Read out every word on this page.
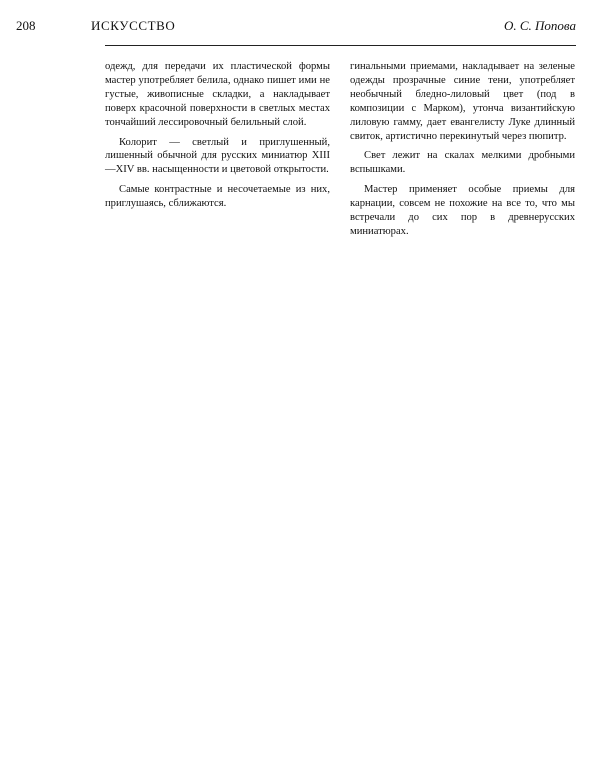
208	ИСКУССТВО	О. С. Попова

одежд, для передачи их пластической формы мастер употребляет белила, однако пишет ими не густые, живописные складки, а накладывает поверх красочной поверхности в светлых местах тончайший лессировочный белильный слой.

Колорит — светлый и приглушенный, лишенный обычной для русских миниатюр XIII—XIV вв. насыщенности и цветовой открытости.

Самые контрастные и несочетаемые из них, приглушаясь, сближаются.

гинальными приемами, накладывает на зеленые одежды прозрачные синие тени, употребляет необычный бледно-лиловый цвет (под в композиции с Марком), утонча византийскую лиловую гамму, дает евангелисту Луке длинный свиток, артистично перекинутый через пюпитр.

Свет лежит на скалах мелкими дробными вспышками.

Мастер применяет особые приемы для карнации, совсем не похожие на все то, что мы встречали до сих пор в древнерусских миниатюрах.
